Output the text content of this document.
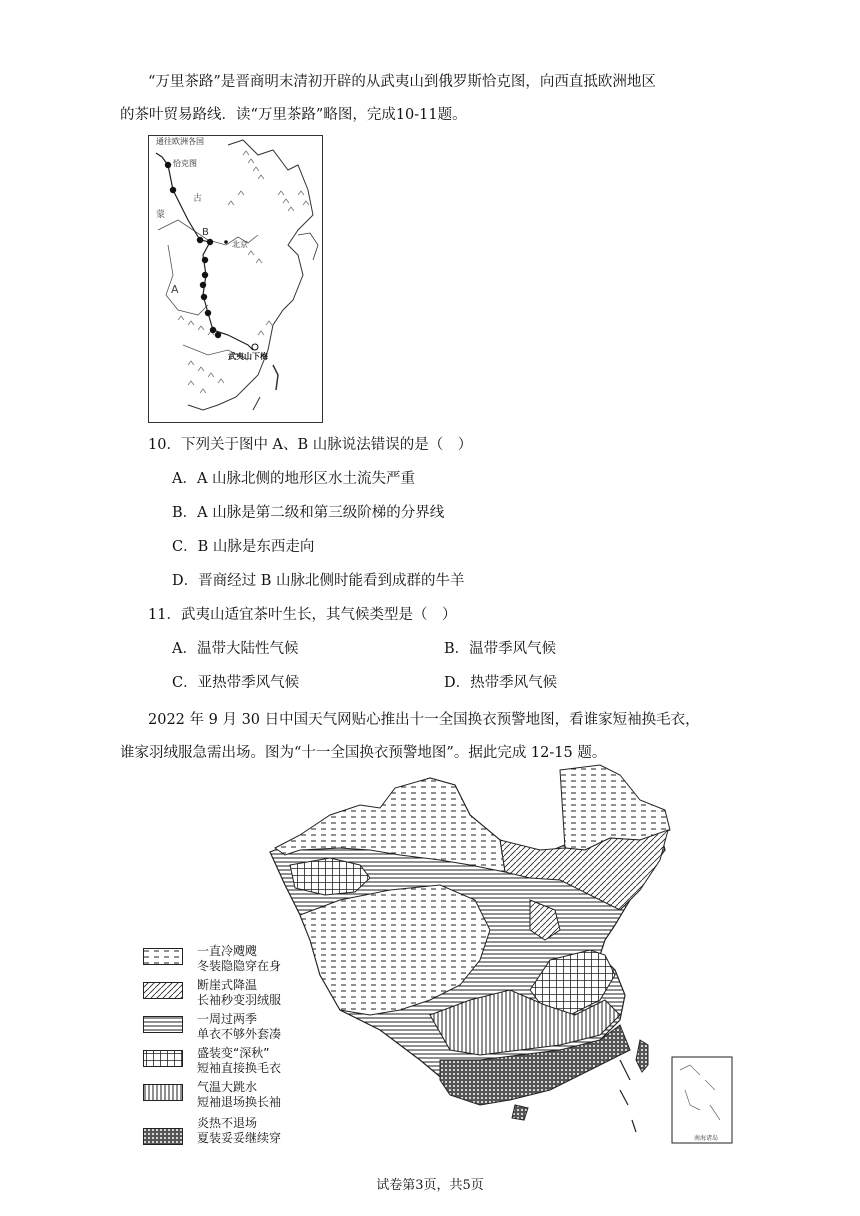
“万里茶路”是晋商明末清初开辟的从武夷山到俄罗斯恰克图，向西直抵欧洲地区
的茶叶贸易路线．读“万里茶路”略图，完成10-11题。
通往欧洲各国
恰克图
古
蒙
B
北京
A
武夷山下梅
10．下列关于图中 A、B 山脉说法错误的是（　）
A．A 山脉北侧的地形区水土流失严重
B．A 山脉是第二级和第三级阶梯的分界线
C．B 山脉是东西走向
D．晋商经过 B 山脉北侧时能看到成群的牛羊
11．武夷山适宜茶叶生长，其气候类型是（　）
A．温带大陆性气候	B．温带季风气候
C．亚热带季风气候	D．热带季风气候
2022 年 9 月 30 日中国天气网贴心推出十一全国换衣预警地图，看谁家短袖换毛衣，
谁家羽绒服急需出场。图为“十一全国换衣预警地图”。据此完成 12-15 题。
南海诸岛
一直冷飕飕
冬装隐隐穿在身
断崖式降温
长袖秒变羽绒服
一周过两季
单衣不够外套凑
盛装变“深秋”
短袖直接换毛衣
气温大跳水
短袖退场换长袖
炎热不退场
夏装妥妥继续穿
试卷第3页，共5页
